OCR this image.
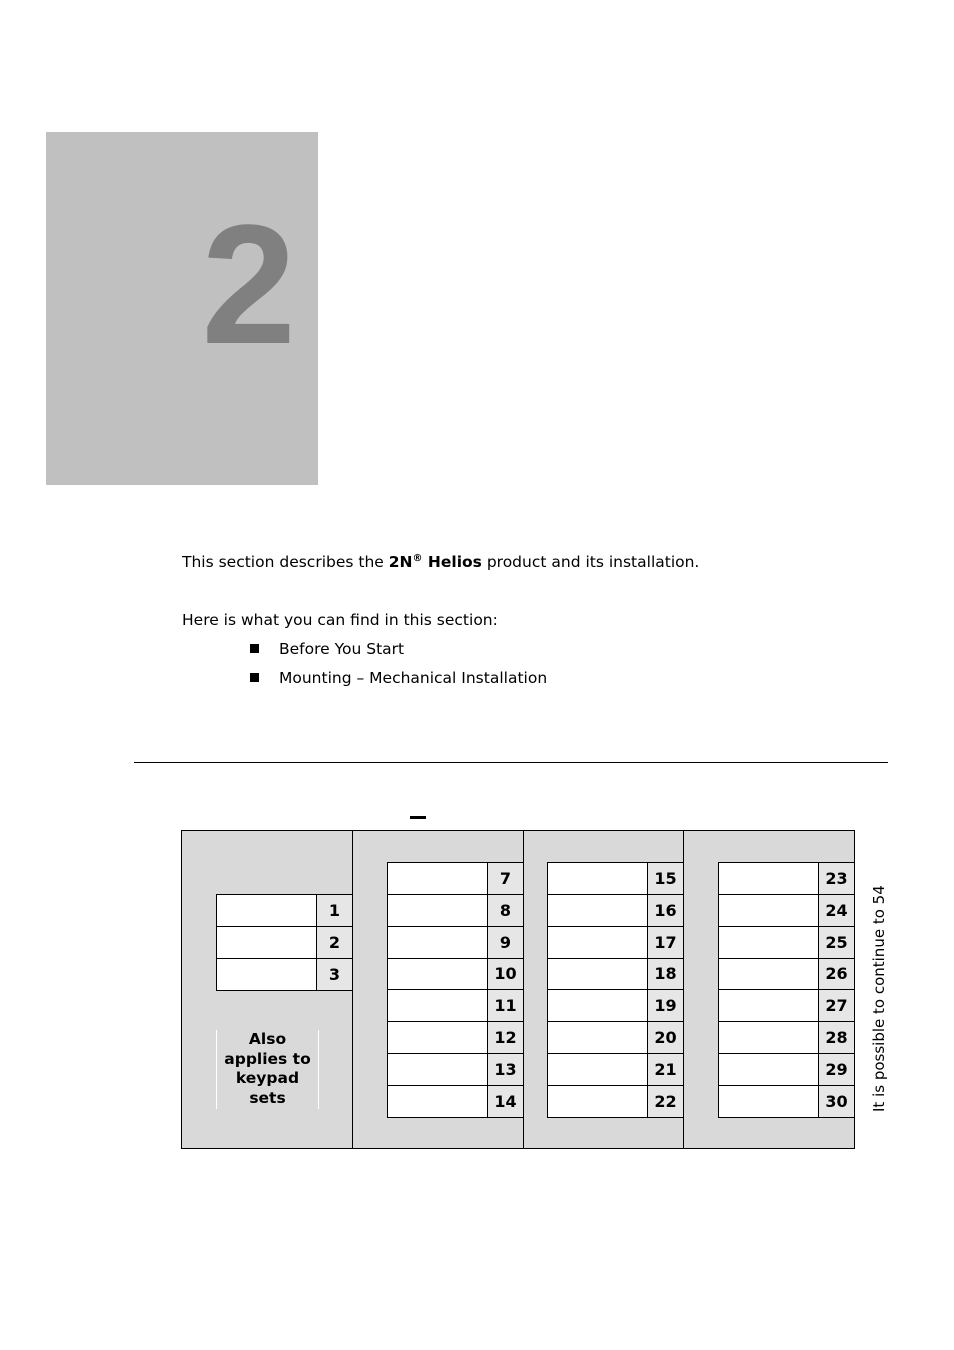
2
This section describes the 2N® Helios product and its installation.
Here is what you can find in this section:
Before You Start
Mounting – Mechanical Installation
1
2
3
7
8
9
10
11
12
13
14
15
16
17
18
19
20
21
22
23
24
25
26
27
28
29
30
Also applies to keypad sets	It is possible to continue to 54
